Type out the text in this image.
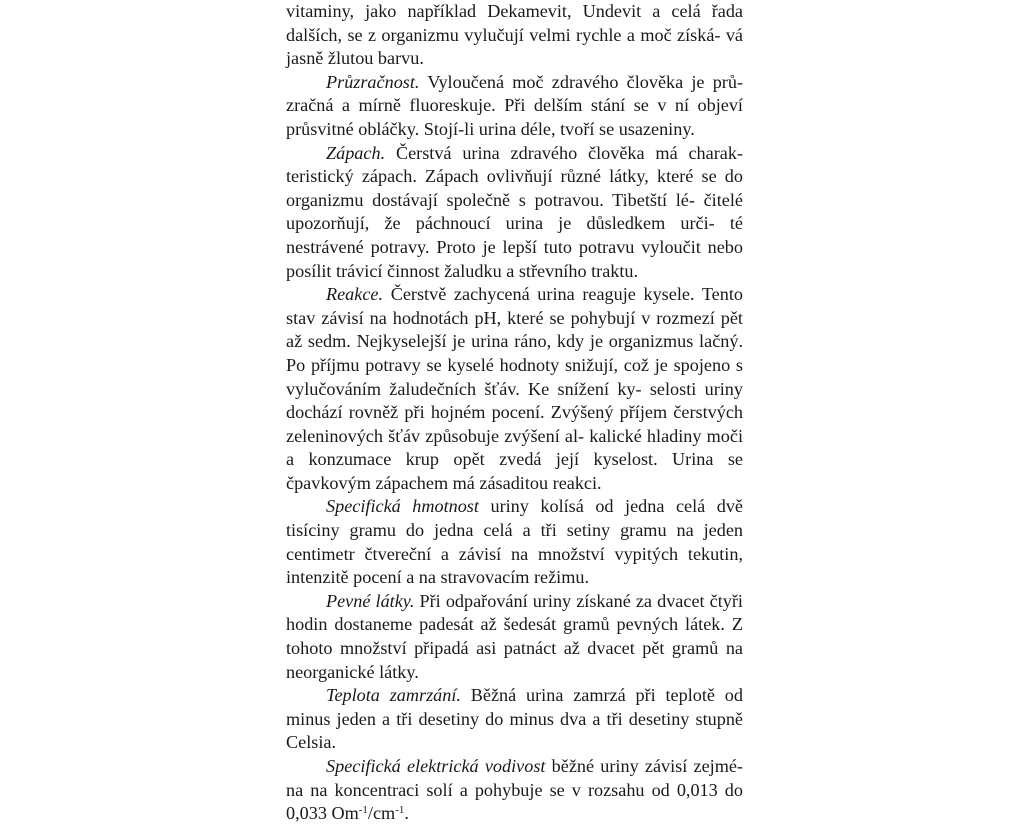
vitaminy, jako například Dekamevit, Undevit a celá řada dalších, se z organizmu vylučují velmi rychle a moč získá- vá jasně žlutou barvu.

Průzračnost. Vyloučená moč zdravého člověka je prů- zračná a mírně fluoreskuje. Při delším stání se v ní objeví průsvitné obláčky. Stojí-li urina déle, tvoří se usazeniny.

Zápach. Čerstvá urina zdravého člověka má charak- teristický zápach. Zápach ovlivňují různé látky, které se do organizmu dostávají společně s potravou. Tibetští lé- čitelé upozorňují, že páchnoucí urina je důsledkem urči- té nestrávené potravy. Proto je lepší tuto potravu vyloučit nebo posílit trávicí činnost žaludku a střevního traktu.

Reakce. Čerstvě zachycená urina reaguje kysele. Tento stav závisí na hodnotách pH, které se pohybují v rozmezí pět až sedm. Nejkyselejší je urina ráno, kdy je organizmus lačný. Po příjmu potravy se kyselé hodnoty snižují, což je spojeno s vylučováním žaludečních šťáv. Ke snížení ky- selosti uriny dochází rovněž při hojném pocení. Zvýšený příjem čerstvých zeleninových šťáv způsobuje zvýšení al- kalické hladiny moči a konzumace krup opět zvedá její kyselost. Urina se čpavkovým zápachem má zásaditou reakci.

Specifická hmotnost uriny kolísá od jedna celá dvě tisíciny gramu do jedna celá a tři setiny gramu na jeden centimetr čtvereční a závisí na množství vypitých tekutin, intenzitě pocení a na stravovacím režimu.

Pevné látky. Při odpařování uriny získané za dvacet čtyři hodin dostaneme padesát až šedesát gramů pevných látek. Z tohoto množství připadá asi patnáct až dvacet pět gramů na neorganické látky.

Teplota zamrzání. Běžná urina zamrzá při teplotě od minus jeden a tři desetiny do minus dva a tři desetiny stupně Celsia.

Specifická elektrická vodivost běžné uriny závisí zejmé- na na koncentraci solí a pohybuje se v rozsahu od 0,013 do 0,033 $Om^{-1}/cm^{-1}$.
